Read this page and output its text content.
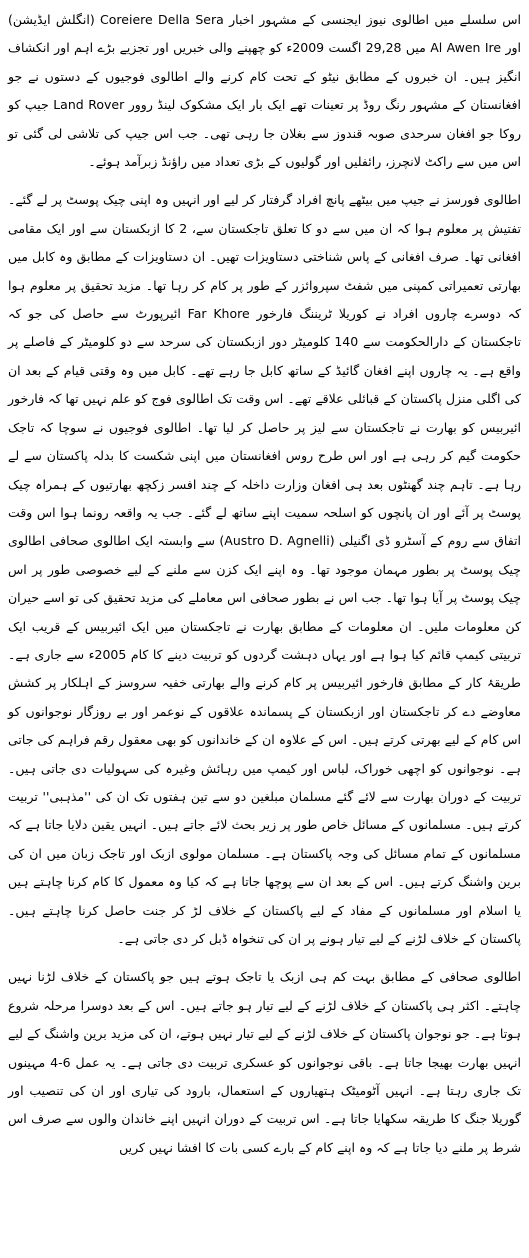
اس سلسلے میں اطالوی نیوز ایجنسی کے مشہور اخبار Coreiere Della Sera (انگلش ایڈیشن) اور Al Awen Ire میں 29,28 اگست 2009ء کو چھپنے والی خبریں اور تجزیے بڑے اہم اور انکشاف انگیز ہیں۔ ان خبروں کے مطابق نیٹو کے تحت کام کرنے والے اطالوی فوجیوں کے دستوں نے جو افغانستان کے مشہور رنگ روڈ پر تعینات تھے ایک بار ایک مشکوک لینڈ روور Land Rover جیپ کو روکا جو افغان سرحدی صوبہ قندوز سے بغلان جا رہی تھی۔ جب اس جیپ کی تلاشی لی گئی تو اس میں سے راکٹ لانچرز، رائفلیں اور گولیوں کے بڑی تعداد میں راؤنڈ زبرآمد ہوئے۔

اطالوی فورسز نے جیپ میں بیٹھے پانچ افراد گرفتار کر لیے اور انہیں وہ اپنی چیک پوسٹ پر لے گئے۔ تفتیش پر معلوم ہوا کہ ان میں سے دو کا تعلق تاجکستان سے، 2 کا ازبکستان سے اور ایک مقامی افغانی تھا۔ صرف افغانی کے پاس شناختی دستاویزات تھیں۔ ان دستاویزات کے مطابق وہ کابل میں بھارتی تعمیراتی کمپنی میں شفٹ سپروائزر کے طور پر کام کر رہا تھا۔ مزید تحقیق پر معلوم ہوا کہ دوسرے چاروں افراد نے کوریلا ٹریننگ فارخور Far Khore ائیرپورٹ سے حاصل کی جو کہ تاجکستان کے دارالحکومت سے 140 کلومیٹر دور ازبکستان کی سرحد سے دو کلومیٹر کے فاصلے پر واقع ہے۔ یہ چاروں اپنے افغان گائیڈ کے ساتھ کابل جا رہے تھے۔ کابل میں وہ وقتی قیام کے بعد ان کی اگلی منزل پاکستان کے قبائلی علاقے تھے۔ اس وقت تک اطالوی فوج کو علم نہیں تھا کہ فارخور ائیربیس کو بھارت نے تاجکستان سے لیز پر حاصل کر لیا تھا۔ اطالوی فوجیوں نے سوچا کہ تاجک حکومت گیم کر رہی ہے اور اس طرح روس افغانستان میں اپنی شکست کا بدلہ پاکستان سے لے رہا ہے۔ تاہم چند گھنٹوں بعد ہی افغان وزارت داخلہ کے چند افسر زکچھ بھارتیوں کے ہمراہ چیک پوسٹ پر آئے اور ان پانچوں کو اسلحہ سمیت اپنے ساتھ لے گئے۔ جب یہ واقعہ رونما ہوا اس وقت اتفاق سے روم کے آسٹرو ڈی اگنیلی (Austro D. Agnelli) سے وابستہ ایک اطالوی صحافی اطالوی چیک پوسٹ پر بطور مہمان موجود تھا۔ وہ اپنے ایک کزن سے ملنے کے لیے خصوصی طور پر اس چیک پوسٹ پر آیا ہوا تھا۔ جب اس نے بطور صحافی اس معاملے کی مزید تحقیق کی تو اسے حیران کن معلومات ملیں۔ ان معلومات کے مطابق بھارت نے تاجکستان میں ایک ائیربیس کے قریب ایک تربیتی کیمپ قائم کیا ہوا ہے اور یہاں دہشت گردوں کو تربیت دینے کا کام 2005ء سے جاری ہے۔ طریقۂ کار کے مطابق فارخور ائیربیس پر کام کرنے والے بھارتی خفیہ سروسز کے اہلکار پر کشش معاوضے دے کر تاجکستان اور ازبکستان کے پسماندہ علاقوں کے نوعمر اور بے روزگار نوجوانوں کو اس کام کے لیے بھرتی کرتے ہیں۔ اس کے علاوہ ان کے خاندانوں کو بھی معقول رقم فراہم کی جاتی ہے۔ نوجوانوں کو اچھی خوراک، لباس اور کیمپ میں رہائش وغیرہ کی سہولیات دی جاتی ہیں۔ تربیت کے دوران بھارت سے لائے گئے مسلمان مبلغین دو سے تین ہفتوں تک ان کی ''مذہبی'' تربیت کرتے ہیں۔ مسلمانوں کے مسائل خاص طور پر زیر بحث لائے جاتے ہیں۔ انہیں یقین دلایا جاتا ہے کہ مسلمانوں کے تمام مسائل کی وجہ پاکستان ہے۔ مسلمان مولوی ازبک اور تاجک زبان میں ان کی برین واشنگ کرتے ہیں۔ اس کے بعد ان سے پوچھا جاتا ہے کہ کیا وہ معمول کا کام کرنا چاہتے ہیں یا اسلام اور مسلمانوں کے مفاد کے لیے پاکستان کے خلاف لڑ کر جنت حاصل کرنا چاہتے ہیں۔ پاکستان کے خلاف لڑنے کے لیے تیار ہونے پر ان کی تنخواہ ڈبل کر دی جاتی ہے۔

اطالوی صحافی کے مطابق بہت کم ہی ازبک یا تاجک ہوتے ہیں جو پاکستان کے خلاف لڑنا نہیں چاہتے۔ اکثر ہی پاکستان کے خلاف لڑنے کے لیے تیار ہو جاتے ہیں۔ اس کے بعد دوسرا مرحلہ شروع ہوتا ہے۔ جو نوجوان پاکستان کے خلاف لڑنے کے لیے تیار نہیں ہوتے، ان کی مزید برین واشنگ کے لیے انہیں بھارت بھیجا جاتا ہے۔ باقی نوجوانوں کو عسکری تربیت دی جاتی ہے۔ یہ عمل 6-4 مہینوں تک جاری رہتا ہے۔ انہیں آٹومیٹک ہتھیاروں کے استعمال، بارود کی تیاری اور ان کی تنصیب اور گوریلا جنگ کا طریقہ سکھایا جاتا ہے۔ اس تربیت کے دوران انہیں اپنے خاندان والوں سے صرف اس شرط پر ملنے دیا جاتا ہے کہ وہ اپنے کام کے بارے کسی بات کا افشا نہیں کریں
